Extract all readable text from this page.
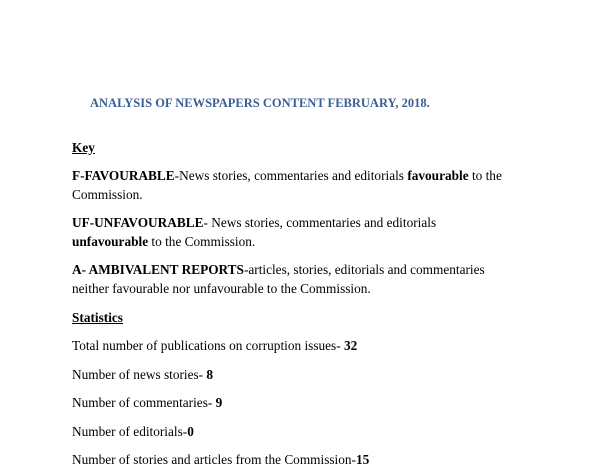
ANALYSIS OF NEWSPAPERS CONTENT FEBRUARY, 2018.

Key

F-FAVOURABLE-News stories, commentaries and editorials favourable to the

Commission.

UF-UNFAVOURABLE- News stories, commentaries and editorials

unfavourable to the Commission.

A- AMBIVALENT REPORTS-articles, stories, editorials and commentaries

neither favourable nor unfavourable to the Commission.

Statistics

Total number of publications on corruption issues- 32

Number of news stories- 8

Number of commentaries- 9

Number of editorials-0

Number of stories and articles from the Commission-15
